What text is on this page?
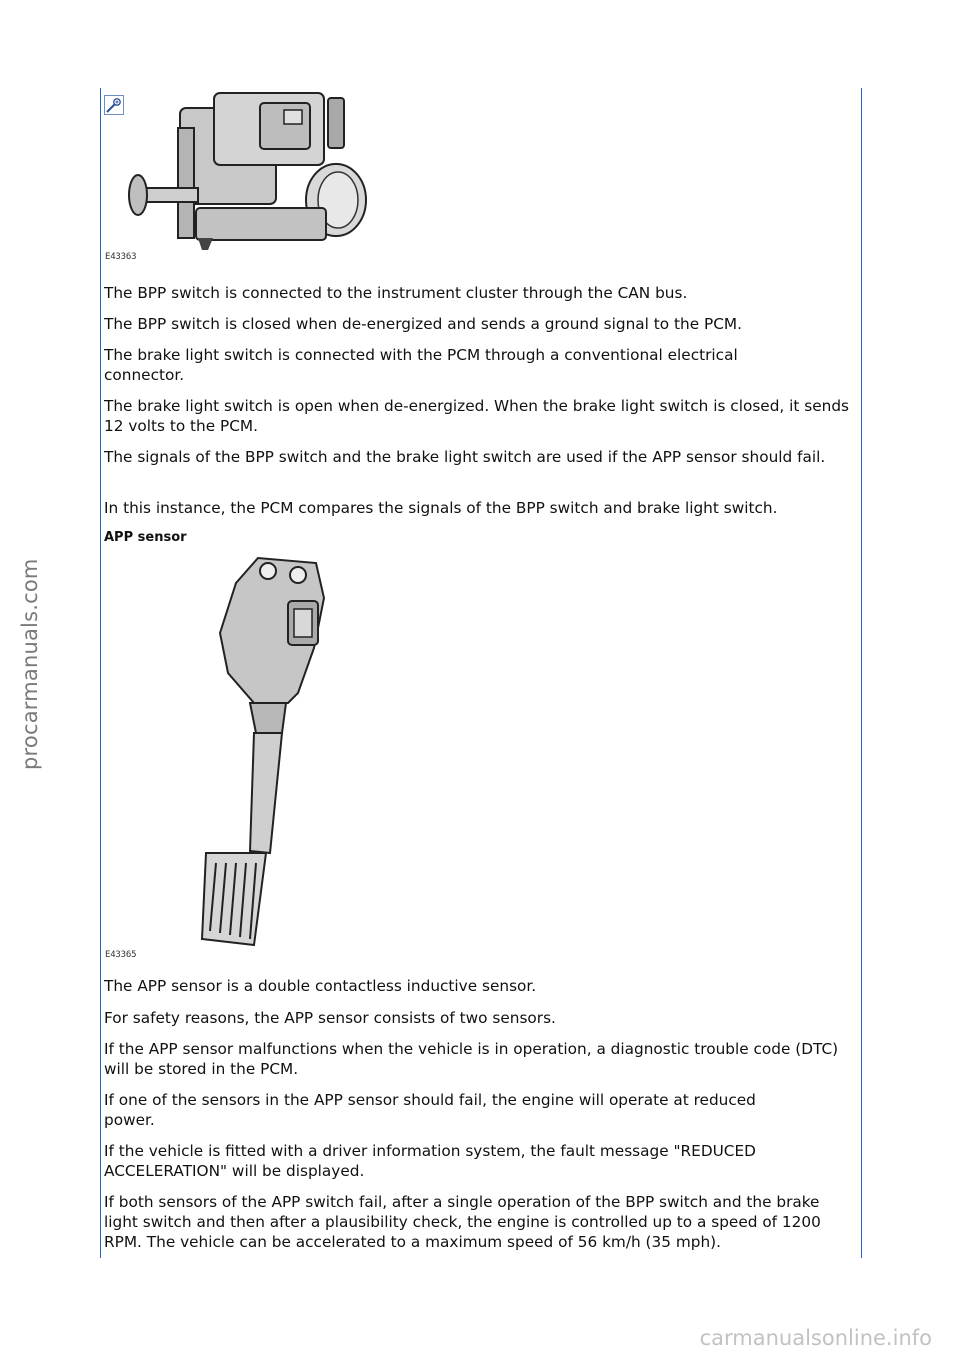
procarmanuals.com
carmanualsonline.info
E43363

The BPP switch is connected to the instrument cluster through the CAN bus.

The BPP switch is closed when de-energized and sends a ground signal to the PCM.

The brake light switch is connected with the PCM through a conventional electrical connector.

The brake light switch is open when de-energized. When the brake light switch is closed, it sends 12 volts to the PCM.

The signals of the BPP switch and the brake light switch are used if the APP sensor should fail.

In this instance, the PCM compares the signals of the BPP switch and brake light switch.

APP sensor
E43365

The APP sensor is a double contactless inductive sensor.

For safety reasons, the APP sensor consists of two sensors.

If the APP sensor malfunctions when the vehicle is in operation, a diagnostic trouble code (DTC) will be stored in the PCM.

If one of the sensors in the APP sensor should fail, the engine will operate at reduced power.

If the vehicle is fitted with a driver information system, the fault message "REDUCED ACCELERATION" will be displayed.

If both sensors of the APP switch fail, after a single operation of the BPP switch and the brake light switch and then after a plausibility check, the engine is controlled up to a speed of 1200 RPM. The vehicle can be accelerated to a maximum speed of 56 km/h (35 mph).
